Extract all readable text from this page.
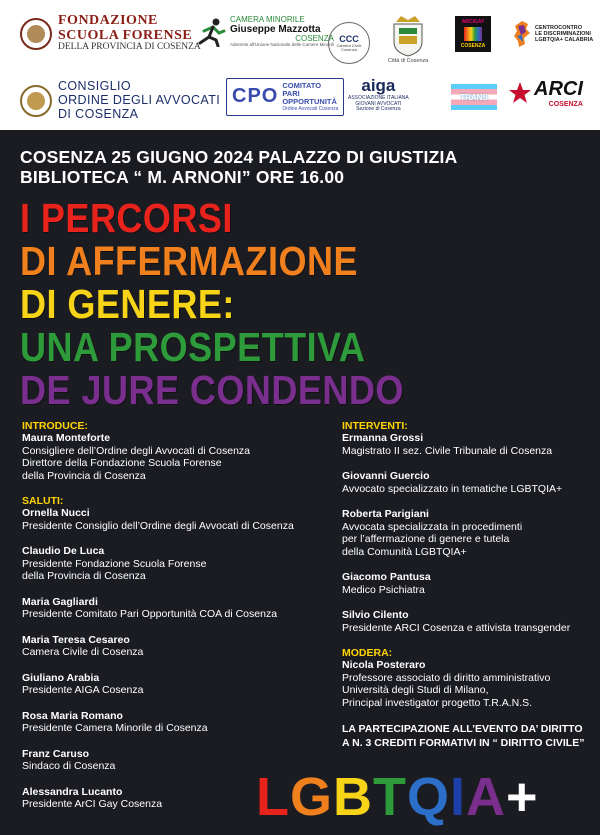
FONDAZIONE
SCUOLA FORENSE
DELLA PROVINCIA DI COSENZA
CAMERA MINORILE
Giuseppe Mazzotta
COSENZA
Aderente all'Unione Nazionale delle Camere Minorili
CCC
Camera Civile Cosenza
Città di Cosenza
ARCIGAY
COSENZA
CENTROCONTRO
LE DISCRIMINAZIONI
LGBTQIA+ CALABRIA
CONSIGLIO
ORDINE DEGLI AVVOCATI
DI COSENZA
CPO COMITATO
PARI
OPPORTUNITÀ
Ordine Avvocati Cosenza
aiga
ASSOCIAZIONE ITALIANA
GIOVANI AVVOCATI
Sezione di Cosenza
TRANS ARCI
COSENZA
COSENZA 25 GIUGNO 2024 PALAZZO DI GIUSTIZIA
BIBLIOTECA “ M. ARNONI” ORE 16.00
I PERCORSI
DI AFFERMAZIONE
DI GENERE:
UNA PROSPETTIVA
DE JURE CONDENDO
INTRODUCE:
Maura Monteforte
Consigliere dell’Ordine degli Avvocati di Cosenza
Direttore della Fondazione Scuola Forense
della Provincia di Cosenza
SALUTI:
Ornella Nucci
Presidente Consiglio dell’Ordine degli Avvocati di Cosenza
Claudio De Luca
Presidente Fondazione Scuola Forense
della Provincia di Cosenza
Maria Gagliardi
Presidente Comitato Pari Opportunità COA di Cosenza
Maria Teresa Cesareo
Camera Civile di Cosenza
Giuliano Arabia
Presidente AIGA Cosenza
Rosa Maria Romano
Presidente Camera Minorile di Cosenza
Franz Caruso
Sindaco di Cosenza
Alessandra Lucanto
Presidente ArCI Gay Cosenza
INTERVENTI:
Ermanna Grossi
Magistrato II sez. Civile Tribunale di Cosenza
Giovanni Guercio
Avvocato specializzato in tematiche LGBTQIA+
Roberta Parigiani
Avvocata specializzata in procedimenti
per l’affermazione di genere e tutela
della Comunità LGBTQIA+
Giacomo Pantusa
Medico Psichiatra
Silvio Cilento
Presidente ARCI Cosenza e attivista transgender
MODERA:
Nicola Posteraro
Professore associato di diritto amministrativo
Università degli Studi di Milano,
Principal investigator progetto T.R.A.N.S.
LA PARTECIPAZIONE ALL’EVENTO DA’ DIRITTO
A N. 3 CREDITI FORMATIVI IN “ DIRITTO CIVILE”
LGBTQIA+
